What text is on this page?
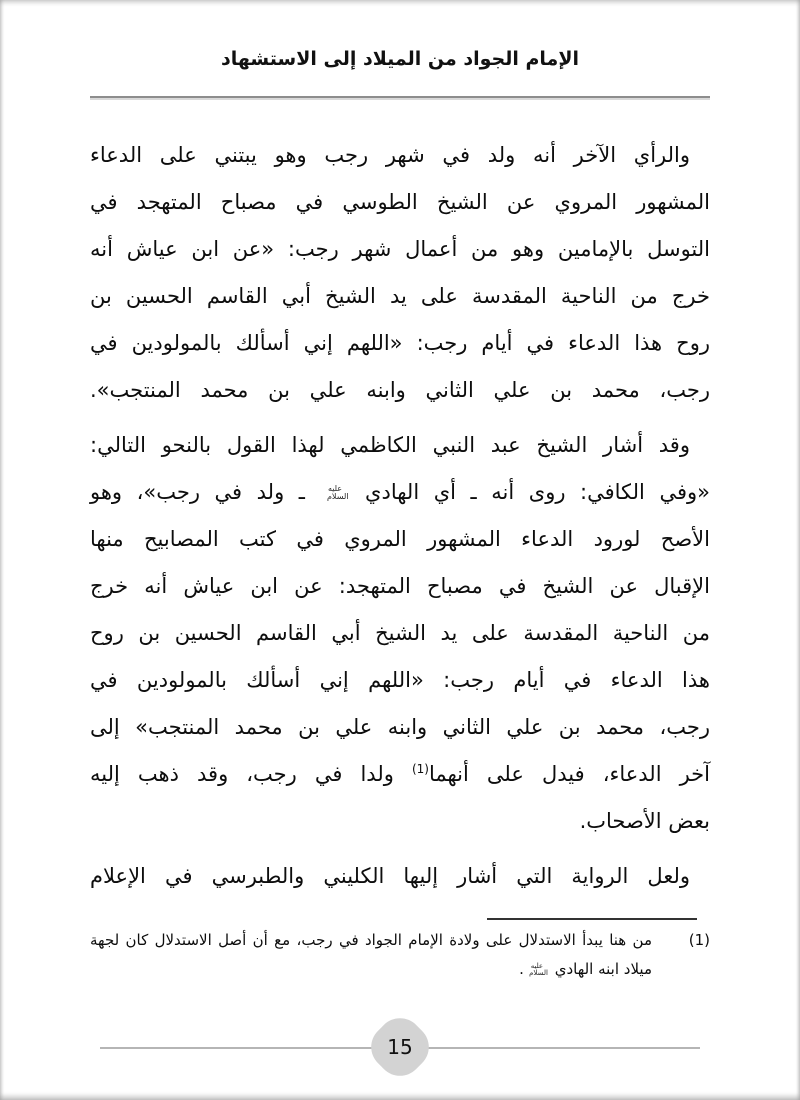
الإمام الجواد من الميلاد إلى الاستشهاد
والرأي الآخر أنه ولد في شهر رجب وهو يبتني على الدعاء
المشهور المروي عن الشيخ الطوسي في مصباح المتهجد في
التوسل بالإمامين وهو من أعمال شهر رجب: «عن ابن عياش أنه
خرج من الناحية المقدسة على يد الشيخ أبي القاسم الحسين بن
روح هذا الدعاء في أيام رجب: «اللهم إني أسألك بالمولودين في
رجب، محمد بن علي الثاني وابنه علي بن محمد المنتجب».
وقد أشار الشيخ عبد النبي الكاظمي لهذا القول بالنحو التالي:
«وفي الكافي: روى أنه ـ أي الهادي عليه السلام ـ ولد في رجب»، وهو
الأصح لورود الدعاء المشهور المروي في كتب المصابيح منها
الإقبال عن الشيخ في مصباح المتهجد: عن ابن عياش أنه خرج
من الناحية المقدسة على يد الشيخ أبي القاسم الحسين بن روح
هذا الدعاء في أيام رجب: «اللهم إني أسألك بالمولودين في
رجب، محمد بن علي الثاني وابنه علي بن محمد المنتجب» إلى
آخر الدعاء، فيدل على أنهما$^{(1)}$ ولدا في رجب، وقد ذهب إليه
بعض الأصحاب.
ولعل الرواية التي أشار إليها الكليني والطبرسي في الإعلام
(1)من هنا يبدأ الاستدلال على ولادة الإمام الجواد في رجب، مع أن أصل الاستدلال كان لجهة
ميلاد ابنه الهادي عليه السلام.
15
